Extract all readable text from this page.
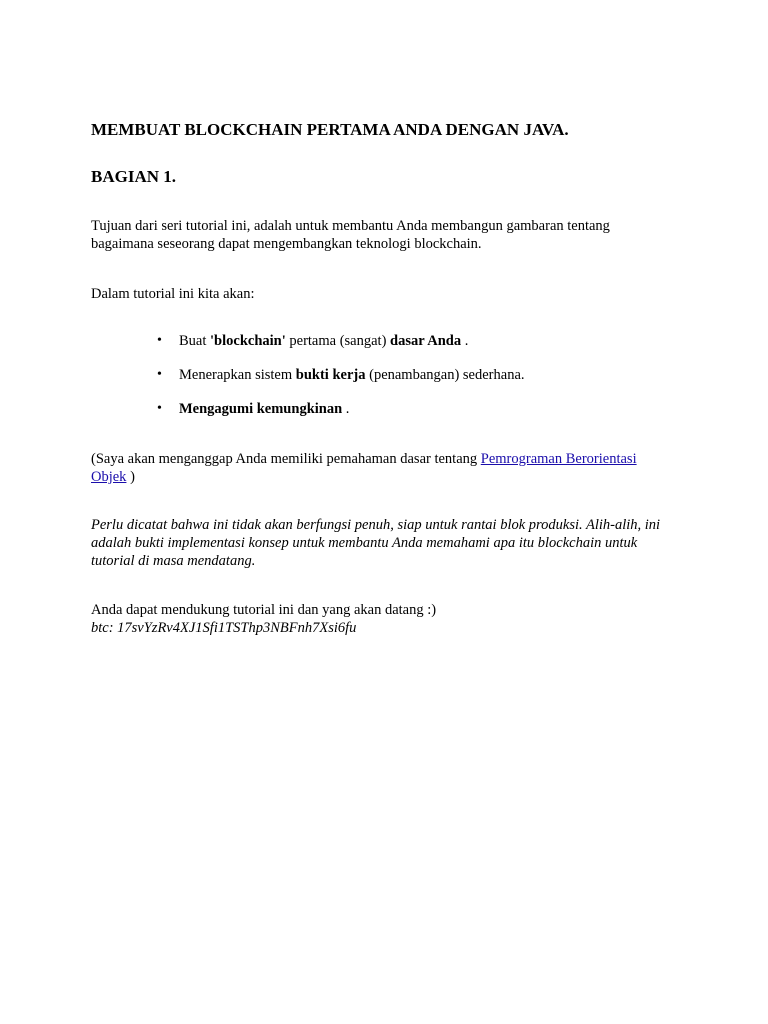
MEMBUAT BLOCKCHAIN PERTAMA ANDA DENGAN JAVA.
BAGIAN 1.

Tujuan dari seri tutorial ini, adalah untuk membantu Anda membangun gambaran tentang bagaimana seseorang dapat mengembangkan teknologi blockchain.

Dalam tutorial ini kita akan:

• Buat 'blockchain' pertama (sangat) dasar Anda .
• Menerapkan sistem bukti kerja (penambangan) sederhana.
• Mengagumi kemungkinan .

(Saya akan menganggap Anda memiliki pemahaman dasar tentang Pemrograman Berorientasi Objek )

Perlu dicatat bahwa ini tidak akan berfungsi penuh, siap untuk rantai blok produksi. Alih-alih, ini adalah bukti implementasi konsep untuk membantu Anda memahami apa itu blockchain untuk tutorial di masa mendatang.

Anda dapat mendukung tutorial ini dan yang akan datang :)

btc: 17svYzRv4XJ1Sfi1TSThp3NBFnh7Xsi6fu
